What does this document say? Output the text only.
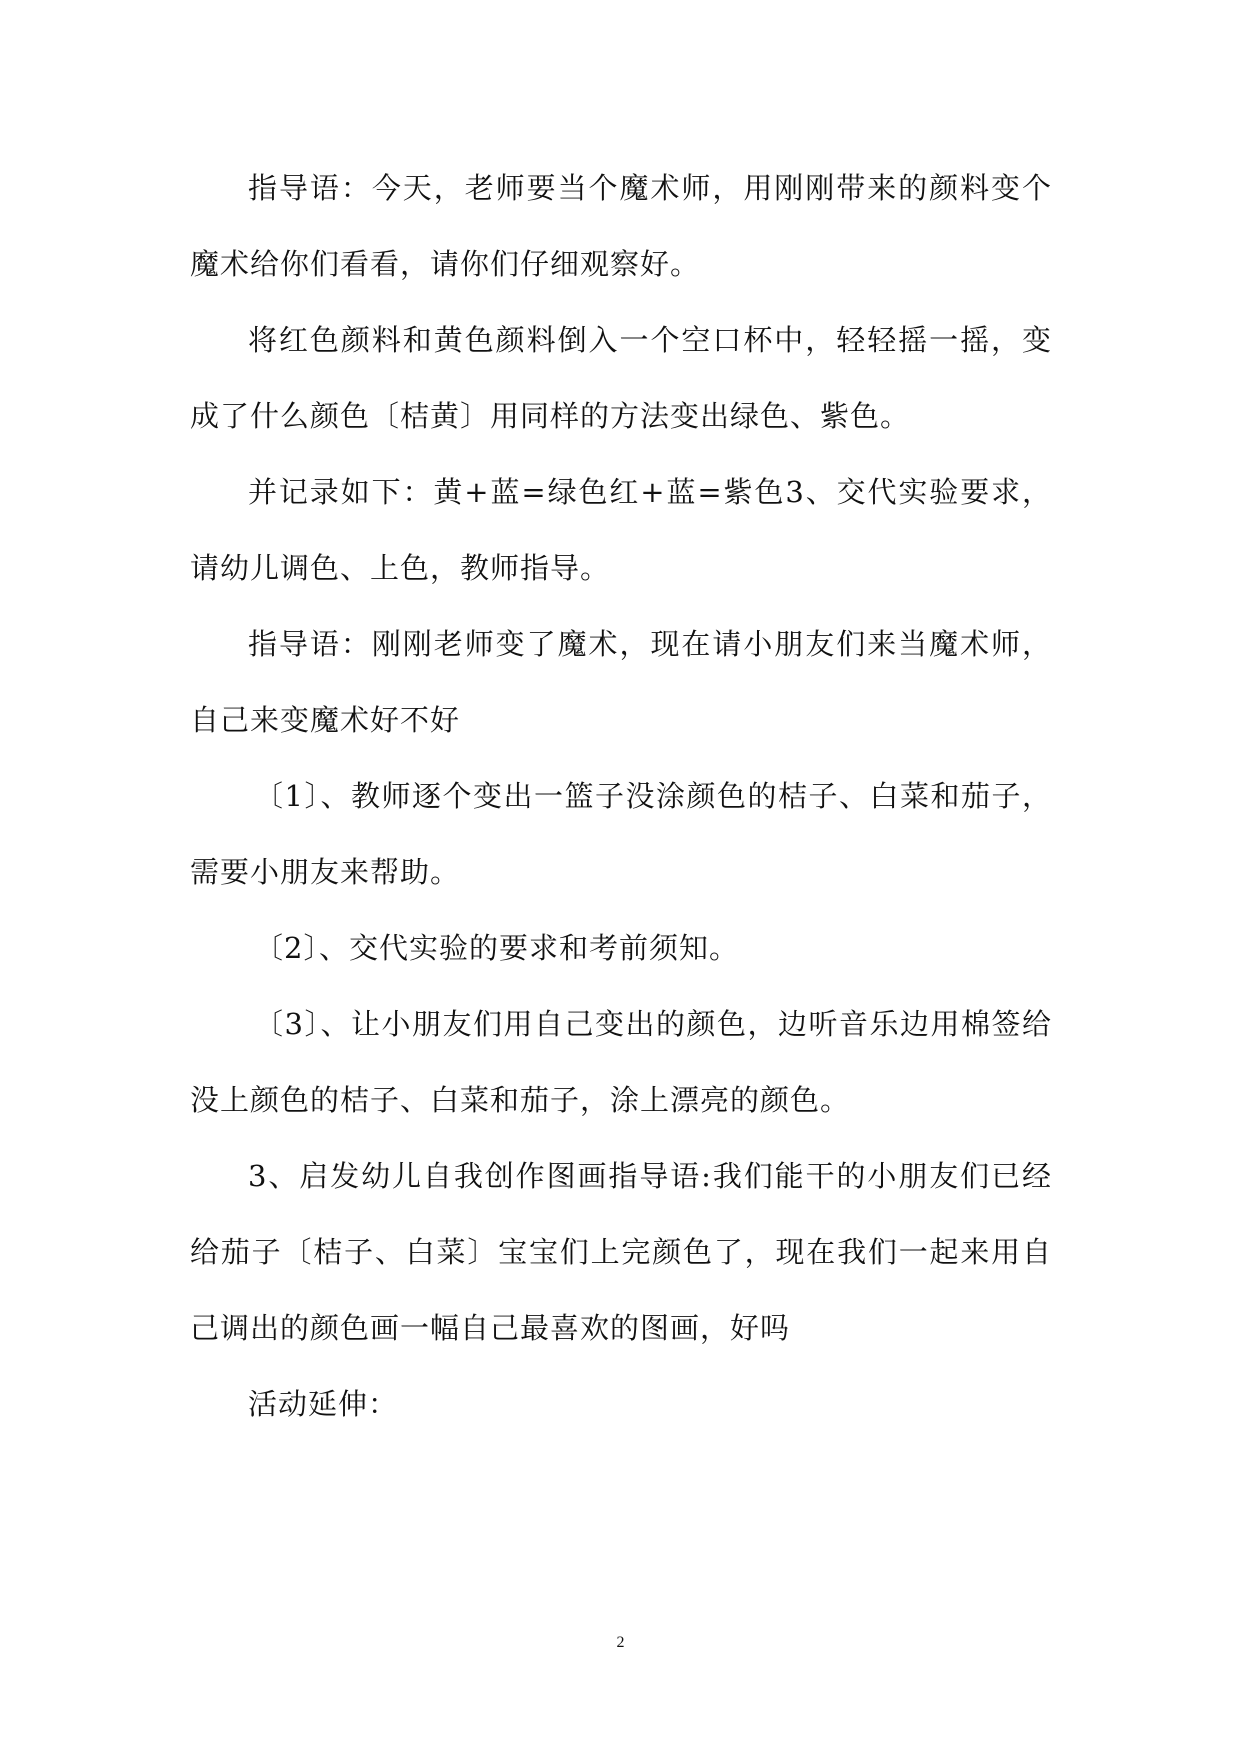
指导语：今天，老师要当个魔术师，用刚刚带来的颜料变个魔术给你们看看，请你们仔细观察好。

将红色颜料和黄色颜料倒入一个空口杯中，轻轻摇一摇，变成了什么颜色〔桔黄〕用同样的方法变出绿色、紫色。

并记录如下：黄+蓝=绿色红+蓝=紫色3、交代实验要求，请幼儿调色、上色，教师指导。

指导语：刚刚老师变了魔术，现在请小朋友们来当魔术师，自己来变魔术好不好

〔1〕、教师逐个变出一篮子没涂颜色的桔子、白菜和茄子，需要小朋友来帮助。

〔2〕、交代实验的要求和考前须知。

〔3〕、让小朋友们用自己变出的颜色，边听音乐边用棉签给没上颜色的桔子、白菜和茄子，涂上漂亮的颜色。

3、启发幼儿自我创作图画指导语:我们能干的小朋友们已经给茄子〔桔子、白菜〕宝宝们上完颜色了，现在我们一起来用自己调出的颜色画一幅自己最喜欢的图画，好吗

活动延伸：

2
